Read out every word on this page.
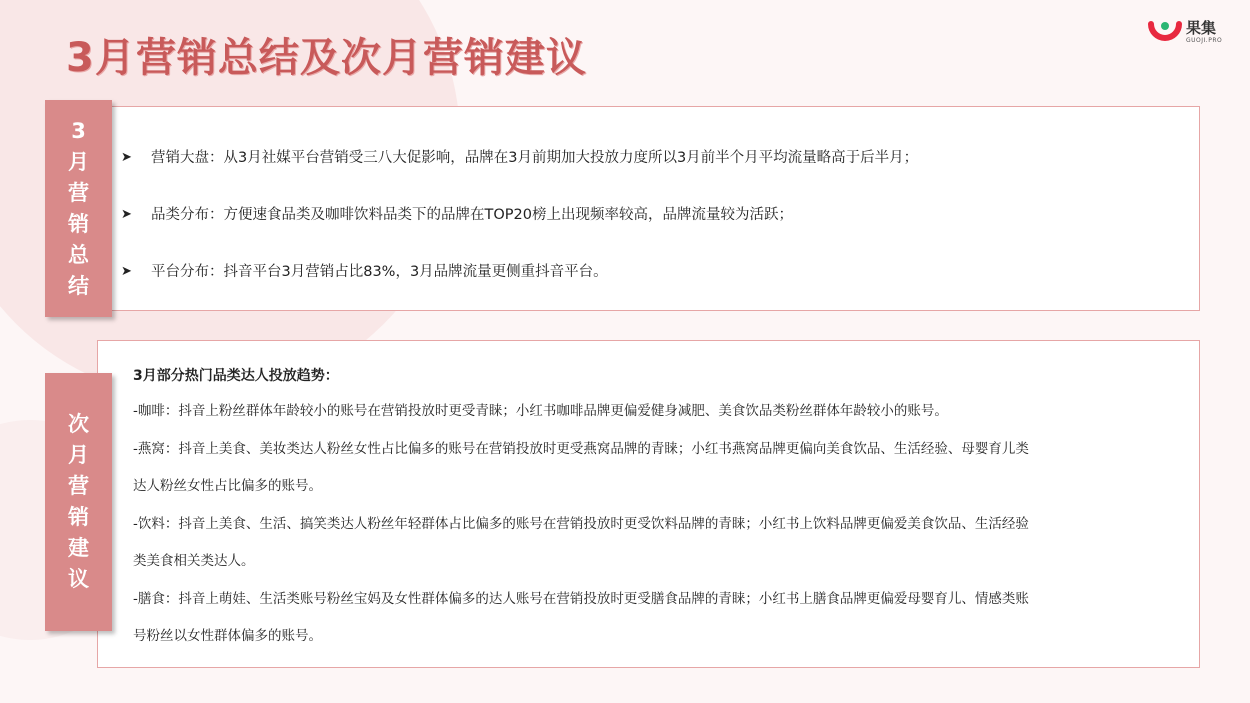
3月营销总结及次月营销建议
果集
GUOJI.PRO
3
月
营
销
总
结
➤	营销大盘：从3月社媒平台营销受三八大促影响，品牌在3月前期加大投放力度所以3月前半个月平均流量略高于后半月；
➤	品类分布：方便速食品类及咖啡饮料品类下的品牌在TOP20榜上出现频率较高，品牌流量较为活跃；
➤	平台分布：抖音平台3月营销占比83%，3月品牌流量更侧重抖音平台。
次
月
营
销
建
议
3月部分热门品类达人投放趋势：

-咖啡：抖音上粉丝群体年龄较小的账号在营销投放时更受青睐；小红书咖啡品牌更偏爱健身减肥、美食饮品类粉丝群体年龄较小的账号。

-燕窝：抖音上美食、美妆类达人粉丝女性占比偏多的账号在营销投放时更受燕窝品牌的青睐；小红书燕窝品牌更偏向美食饮品、生活经验、母婴育儿类

达人粉丝女性占比偏多的账号。

-饮料：抖音上美食、生活、搞笑类达人粉丝年轻群体占比偏多的账号在营销投放时更受饮料品牌的青睐；小红书上饮料品牌更偏爱美食饮品、生活经验

类美食相关类达人。

-膳食：抖音上萌娃、生活类账号粉丝宝妈及女性群体偏多的达人账号在营销投放时更受膳食品牌的青睐；小红书上膳食品牌更偏爱母婴育儿、情感类账

号粉丝以女性群体偏多的账号。
